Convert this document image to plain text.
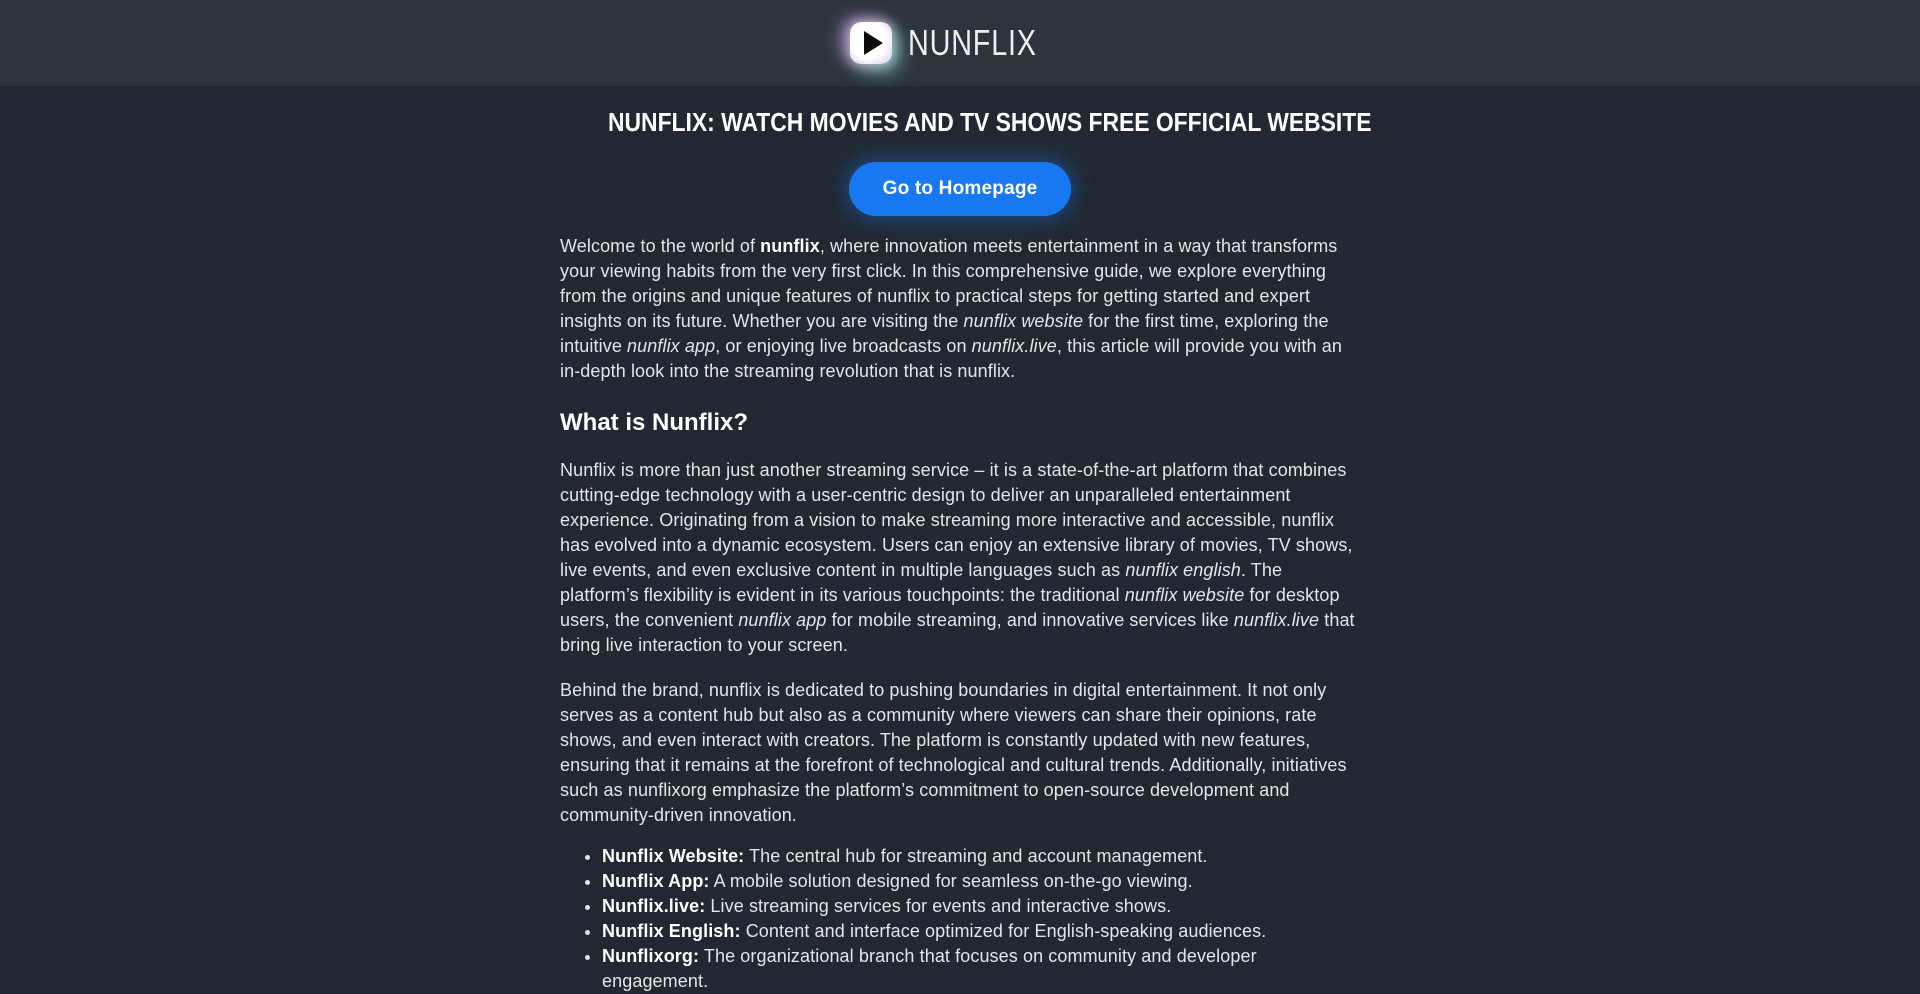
NUNFLIX
NUNFLIX: WATCH MOVIES AND TV SHOWS FREE OFFICIAL WEBSITE
Go to Homepage

Welcome to the world of nunflix, where innovation meets entertainment in a way that transforms your viewing habits from the very first click. In this comprehensive guide, we explore everything from the origins and unique features of nunflix to practical steps for getting started and expert insights on its future. Whether you are visiting the nunflix website for the first time, exploring the intuitive nunflix app, or enjoying live broadcasts on nunflix.live, this article will provide you with an in-depth look into the streaming revolution that is nunflix.

What is Nunflix?

Nunflix is more than just another streaming service – it is a state-of-the-art platform that combines cutting-edge technology with a user-centric design to deliver an unparalleled entertainment experience. Originating from a vision to make streaming more interactive and accessible, nunflix has evolved into a dynamic ecosystem. Users can enjoy an extensive library of movies, TV shows, live events, and even exclusive content in multiple languages such as nunflix english. The platform’s flexibility is evident in its various touchpoints: the traditional nunflix website for desktop users, the convenient nunflix app for mobile streaming, and innovative services like nunflix.live that bring live interaction to your screen.

Behind the brand, nunflix is dedicated to pushing boundaries in digital entertainment. It not only serves as a content hub but also as a community where viewers can share their opinions, rate shows, and even interact with creators. The platform is constantly updated with new features, ensuring that it remains at the forefront of technological and cultural trends. Additionally, initiatives such as nunflixorg emphasize the platform’s commitment to open-source development and community-driven innovation.

• Nunflix Website: The central hub for streaming and account management.
• Nunflix App: A mobile solution designed for seamless on-the-go viewing.
• Nunflix.live: Live streaming services for events and interactive shows.
• Nunflix English: Content and interface optimized for English-speaking audiences.
• Nunflixorg: The organizational branch that focuses on community and developer engagement.
